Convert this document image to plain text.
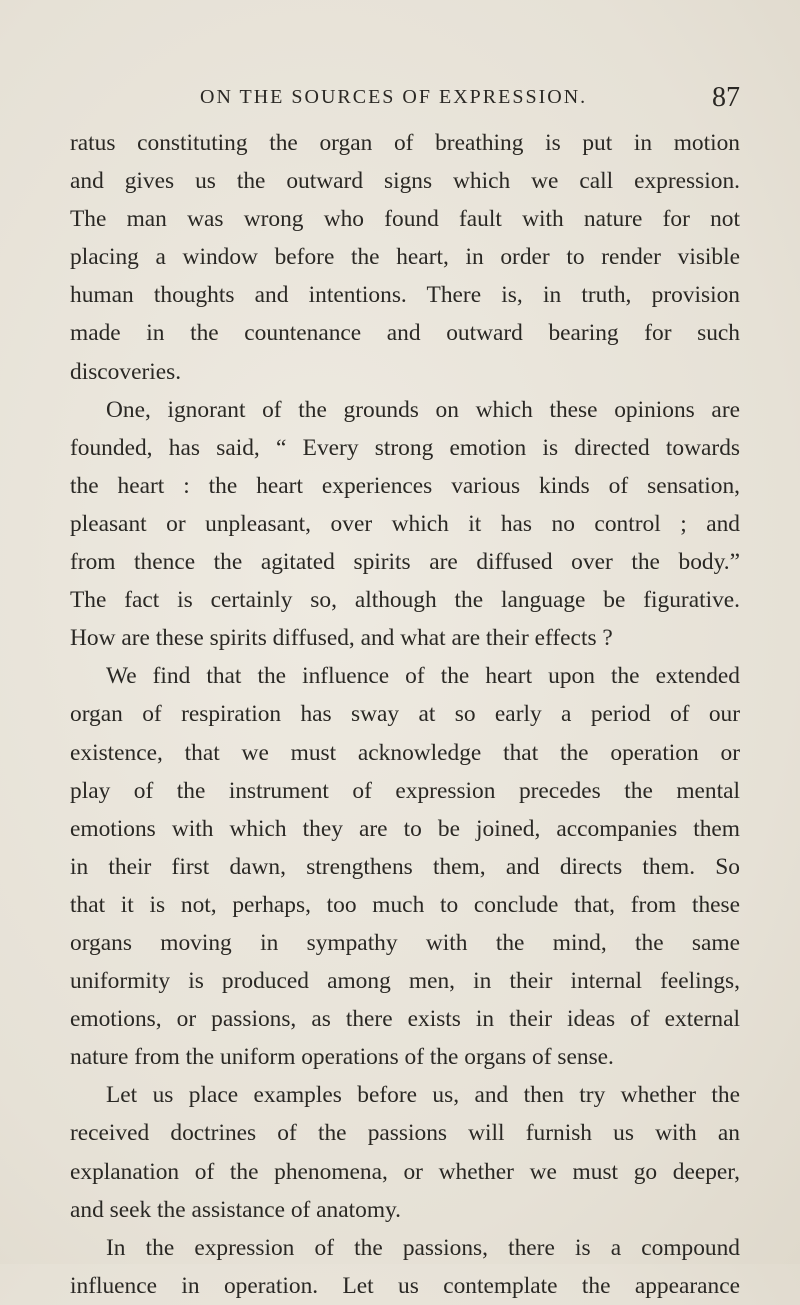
ON THE SOURCES OF EXPRESSION.	87
ratus constituting the organ of breathing is put in motion
and gives us the outward signs which we call expression.
The man was wrong who found fault with nature for not
placing a window before the heart, in order to render visible
human thoughts and intentions. There is, in truth, provision
made in the countenance and outward bearing for such
discoveries.
One, ignorant of the grounds on which these opinions are
founded, has said, “ Every strong emotion is directed towards
the heart : the heart experiences various kinds of sensation,
pleasant or unpleasant, over which it has no control ; and
from thence the agitated spirits are diffused over the body.”
The fact is certainly so, although the language be figurative.
How are these spirits diffused, and what are their effects ?
We find that the influence of the heart upon the extended
organ of respiration has sway at so early a period of our
existence, that we must acknowledge that the operation or
play of the instrument of expression precedes the mental
emotions with which they are to be joined, accompanies them
in their first dawn, strengthens them, and directs them. So
that it is not, perhaps, too much to conclude that, from these
organs moving in sympathy with the mind, the same
uniformity is produced among men, in their internal feelings,
emotions, or passions, as there exists in their ideas of external
nature from the uniform operations of the organs of sense.
Let us place examples before us, and then try whether the
received doctrines of the passions will furnish us with an
explanation of the phenomena, or whether we must go deeper,
and seek the assistance of anatomy.
In the expression of the passions, there is a compound
influence in operation. Let us contemplate the appearance
